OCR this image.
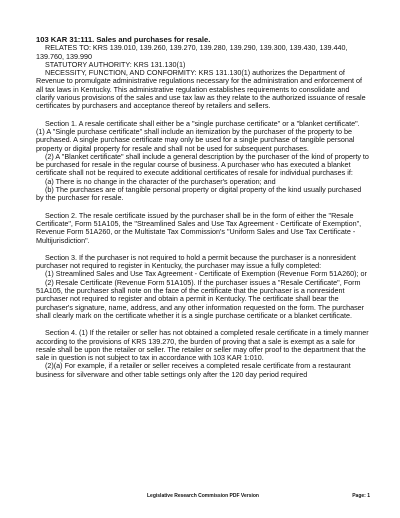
103 KAR 31:111. Sales and purchases for resale.

RELATES TO: KRS 139.010, 139.260, 139.270, 139.280, 139.290, 139.300, 139.430, 139.440, 139.760, 139.990

STATUTORY AUTHORITY: KRS 131.130(1)

NECESSITY, FUNCTION, AND CONFORMITY: KRS 131.130(1) authorizes the Department of Revenue to promulgate administrative regulations necessary for the administration and enforcement of all tax laws in Kentucky. This administrative regulation establishes requirements to consolidate and clarify various provisions of the sales and use tax law as they relate to the authorized issuance of resale certificates by purchasers and acceptance thereof by retailers and sellers.

Section 1. A resale certificate shall either be a "single purchase certificate" or a "blanket certificate". (1) A "Single purchase certificate" shall include an itemization by the purchaser of the property to be purchased. A single purchase certificate may only be used for a single purchase of tangible personal property or digital property for resale and shall not be used for subsequent purchases.

(2) A "Blanket certificate" shall include a general description by the purchaser of the kind of property to be purchased for resale in the regular course of business. A purchaser who has executed a blanket certificate shall not be required to execute additional certificates of resale for individual purchases if:

(a) There is no change in the character of the purchaser's operation; and

(b) The purchases are of tangible personal property or digital property of the kind usually purchased by the purchaser for resale.

Section 2. The resale certificate issued by the purchaser shall be in the form of either the "Resale Certificate", Form 51A105, the "Streamlined Sales and Use Tax Agreement - Certificate of Exemption", Revenue Form 51A260, or the Multistate Tax Commission's "Uniform Sales and Use Tax Certificate - Multijurisdiction".

Section 3. If the purchaser is not required to hold a permit because the purchaser is a nonresident purchaser not required to register in Kentucky, the purchaser may issue a fully completed:

(1) Streamlined Sales and Use Tax Agreement - Certificate of Exemption (Revenue Form 51A260); or

(2) Resale Certificate (Revenue Form 51A105). If the purchaser issues a "Resale Certificate", Form 51A105, the purchaser shall note on the face of the certificate that the purchaser is a nonresident purchaser not required to register and obtain a permit in Kentucky. The certificate shall bear the purchaser's signature, name, address, and any other information requested on the form. The purchaser shall clearly mark on the certificate whether it is a single purchase certificate or a blanket certificate.

Section 4. (1) If the retailer or seller has not obtained a completed resale certificate in a timely manner according to the provisions of KRS 139.270, the burden of proving that a sale is exempt as a sale for resale shall be upon the retailer or seller. The retailer or seller may offer proof to the department that the sale in question is not subject to tax in accordance with 103 KAR 1:010.

(2)(a) For example, if a retailer or seller receives a completed resale certificate from a restaurant business for silverware and other table settings only after the 120 day period required

Legislative Research Commission PDF Version	Page: 1
